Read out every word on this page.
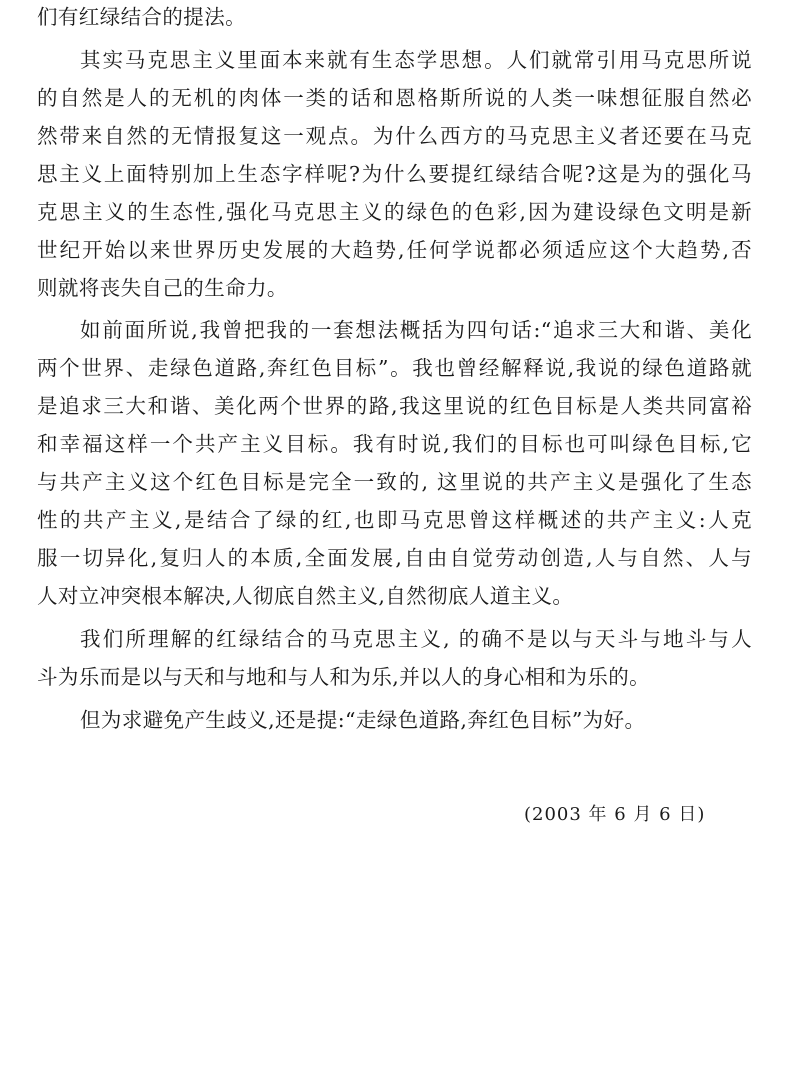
们有红绿结合的提法。
其实马克思主义里面本来就有生态学思想。人们就常引用马克思所说
的自然是人的无机的肉体一类的话和恩格斯所说的人类一味想征服自然必
然带来自然的无情报复这一观点。为什么西方的马克思主义者还要在马克
思主义上面特别加上生态字样呢?为什么要提红绿结合呢?这是为的强化马
克思主义的生态性,强化马克思主义的绿色的色彩,因为建设绿色文明是新
世纪开始以来世界历史发展的大趋势,任何学说都必须适应这个大趋势,否
则就将丧失自己的生命力。
如前面所说,我曾把我的一套想法概括为四句话:“追求三大和谐、美化
两个世界、走绿色道路,奔红色目标”。我也曾经解释说,我说的绿色道路就
是追求三大和谐、美化两个世界的路,我这里说的红色目标是人类共同富裕
和幸福这样一个共产主义目标。我有时说,我们的目标也可叫绿色目标,它
与共产主义这个红色目标是完全一致的, 这里说的共产主义是强化了生态
性的共产主义,是结合了绿的红,也即马克思曾这样概述的共产主义:人克
服一切异化,复归人的本质,全面发展,自由自觉劳动创造,人与自然、人与
人对立冲突根本解决,人彻底自然主义,自然彻底人道主义。
我们所理解的红绿结合的马克思主义, 的确不是以与天斗与地斗与人
斗为乐而是以与天和与地和与人和为乐,并以人的身心相和为乐的。
但为求避免产生歧义,还是提:“走绿色道路,奔红色目标”为好。
(2003 年 6 月 6 日)
